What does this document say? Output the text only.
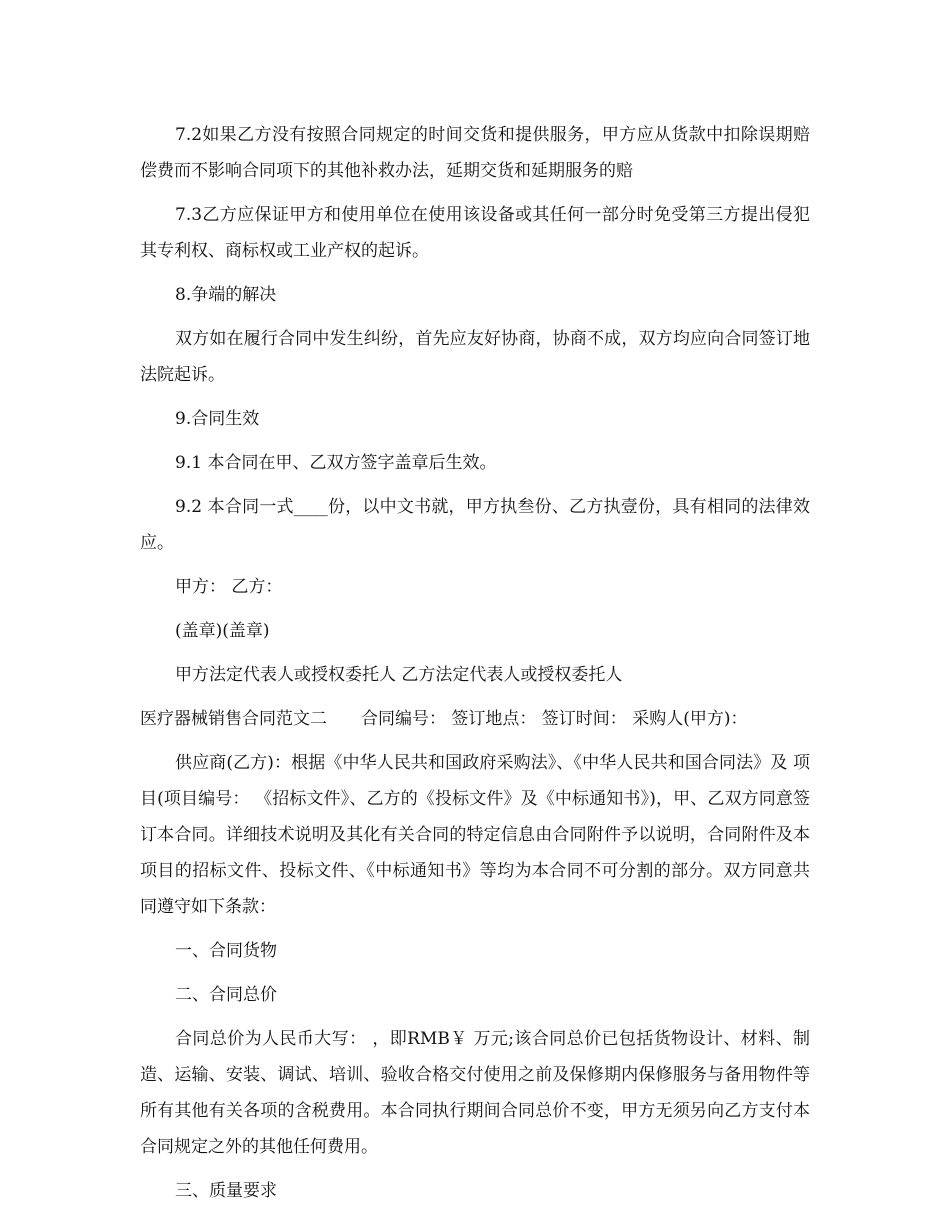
7.2如果乙方没有按照合同规定的时间交货和提供服务，甲方应从货款中扣除误期赔偿费而不影响合同项下的其他补救办法，延期交货和延期服务的赔

7.3乙方应保证甲方和使用单位在使用该设备或其任何一部分时免受第三方提出侵犯其专利权、商标权或工业产权的起诉。

8.争端的解决

双方如在履行合同中发生纠纷，首先应友好协商，协商不成，双方均应向合同签订地法院起诉。

9.合同生效

9.1 本合同在甲、乙双方签字盖章后生效。

9.2 本合同一式____份，以中文书就，甲方执叁份、乙方执壹份，具有相同的法律效应。

甲方： 乙方：

(盖章)(盖章)

甲方法定代表人或授权委托人 乙方法定代表人或授权委托人

医疗器械销售合同范文二　　合同编号： 签订地点： 签订时间： 采购人(甲方)：

供应商(乙方)：根据《中华人民共和国政府采购法》、《中华人民共和国合同法》及 项目(项目编号： 《招标文件》、乙方的《投标文件》及《中标通知书》)，甲、乙双方同意签订本合同。详细技术说明及其化有关合同的特定信息由合同附件予以说明，合同附件及本项目的招标文件、投标文件、《中标通知书》等均为本合同不可分割的部分。双方同意共同遵守如下条款：

一、合同货物

二、合同总价

合同总价为人民币大写： ，即RMB￥ 万元;该合同总价已包括货物设计、材料、制造、运输、安装、调试、培训、验收合格交付使用之前及保修期内保修服务与备用物件等所有其他有关各项的含税费用。本合同执行期间合同总价不变，甲方无须另向乙方支付本合同规定之外的其他任何费用。

三、质量要求
